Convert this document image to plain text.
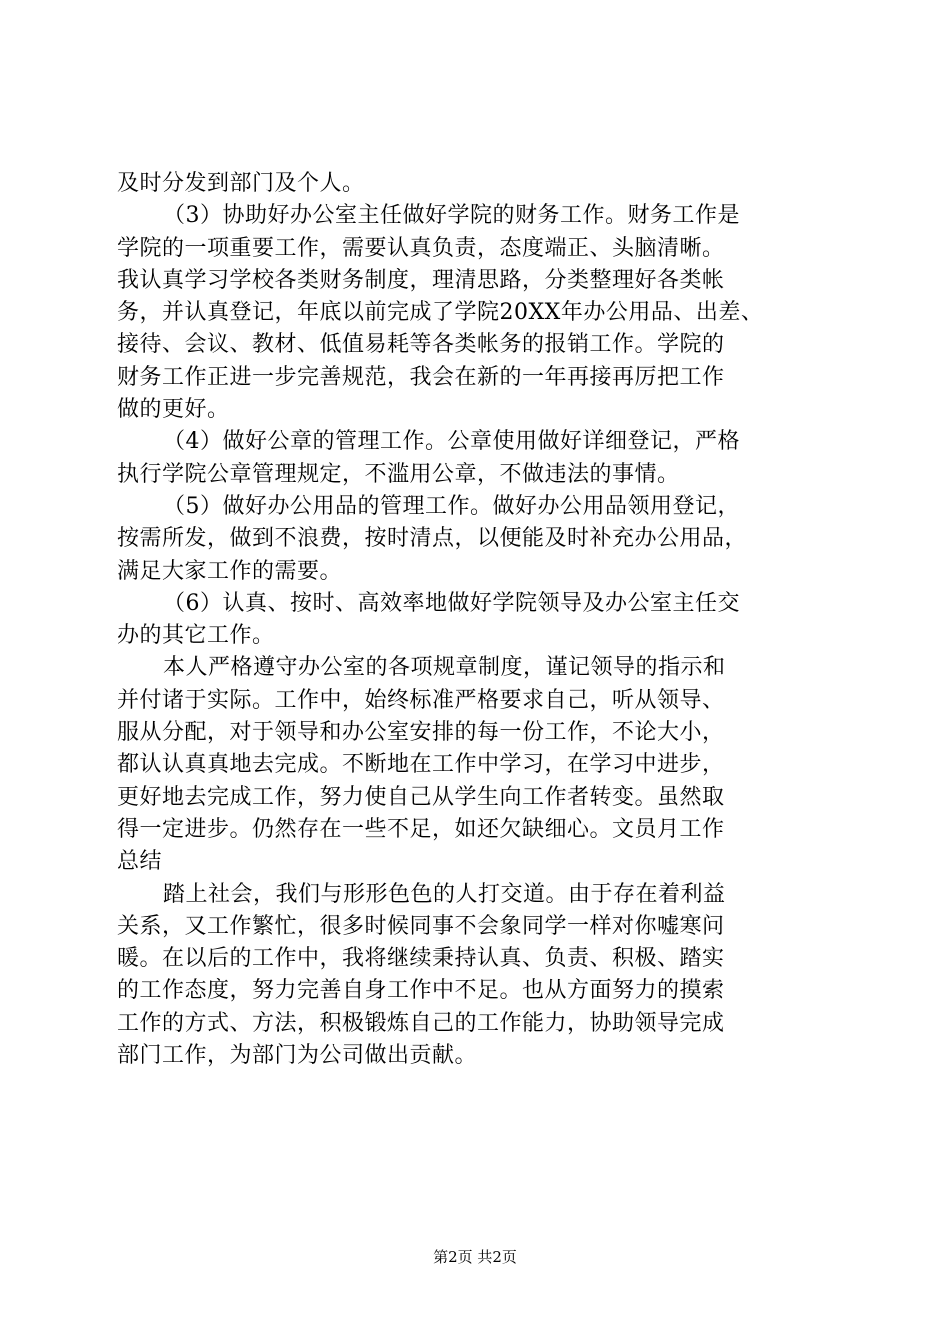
及时分发到部门及个人。
（3）协助好办公室主任做好学院的财务工作。财务工作是
学院的一项重要工作，需要认真负责，态度端正、头脑清晰。
我认真学习学校各类财务制度，理清思路，分类整理好各类帐
务，并认真登记，年底以前完成了学院20XX年办公用品、出差、
接待、会议、教材、低值易耗等各类帐务的报销工作。学院的
财务工作正进一步完善规范，我会在新的一年再接再厉把工作
做的更好。
（4）做好公章的管理工作。公章使用做好详细登记，严格
执行学院公章管理规定，不滥用公章，不做违法的事情。
（5）做好办公用品的管理工作。做好办公用品领用登记，
按需所发，做到不浪费，按时清点，以便能及时补充办公用品，
满足大家工作的需要。
（6）认真、按时、高效率地做好学院领导及办公室主任交
办的其它工作。
本人严格遵守办公室的各项规章制度，谨记领导的指示和
并付诸于实际。工作中，始终标准严格要求自己，听从领导、
服从分配，对于领导和办公室安排的每一份工作，不论大小，
都认认真真地去完成。不断地在工作中学习，在学习中进步，
更好地去完成工作，努力使自己从学生向工作者转变。虽然取
得一定进步。仍然存在一些不足，如还欠缺细心。文员月工作
总结
踏上社会，我们与形形色色的人打交道。由于存在着利益
关系，又工作繁忙，很多时候同事不会象同学一样对你嘘寒问
暖。在以后的工作中，我将继续秉持认真、负责、积极、踏实
的工作态度，努力完善自身工作中不足。也从方面努力的摸索
工作的方式、方法，积极锻炼自己的工作能力，协助领导完成
部门工作，为部门为公司做出贡献。
第2页 共2页
